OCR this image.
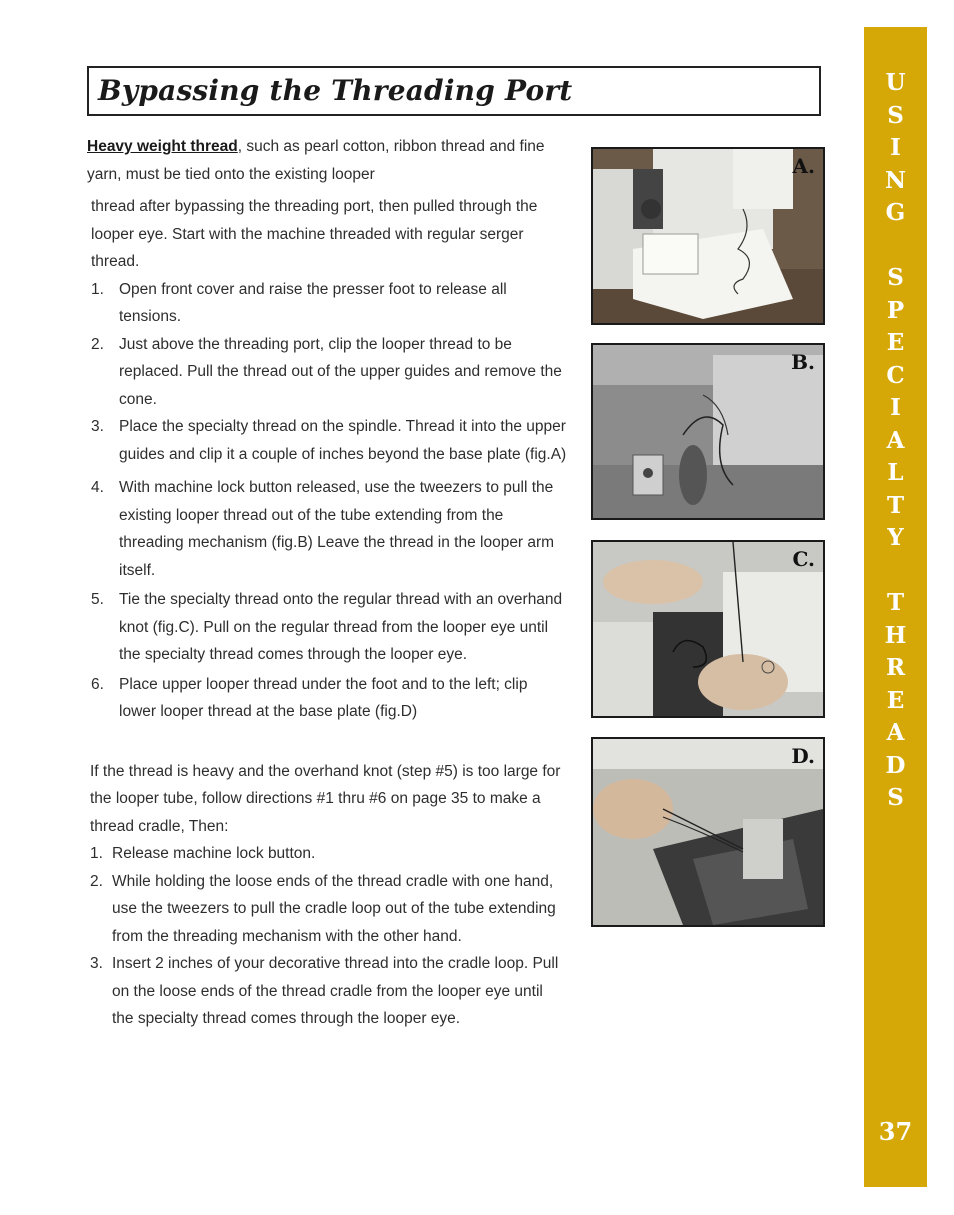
Bypassing the Threading Port

Heavy weight thread, such as pearl cotton, ribbon thread and fine yarn, must be tied onto the existing looper

thread after bypassing the threading port, then pulled through the looper eye. Start with the machine threaded with regular serger thread.

1. Open front cover and raise the presser foot to release all tensions.
2. Just above the threading port, clip the looper thread to be replaced. Pull the thread out of the upper guides and remove the cone.
3. Place the specialty thread on the spindle. Thread it into the upper guides and clip it a couple of inches beyond the base plate (fig.A)
4. With machine lock button released, use the tweezers to pull the existing looper thread out of the tube extending from the threading mechanism (fig.B) Leave the thread in the looper arm itself.
5. Tie the specialty thread onto the regular thread with an overhand knot (fig.C). Pull on the regular thread from the looper eye until the specialty thread comes through the looper eye.
6. Place upper looper thread under the foot and to the left; clip lower looper thread at the base plate (fig.D)

If the thread is heavy and the overhand knot (step #5) is too large for the looper tube, follow directions #1 thru #6 on page 35 to make a thread cradle, Then:

1. Release machine lock button.
2. While holding the loose ends of the thread cradle with one hand, use the tweezers to pull the cradle loop out of the tube extending from the threading mechanism with the other hand.
3. Insert 2 inches of your decorative thread into the cradle loop. Pull on the loose ends of the thread cradle from the looper eye until the specialty thread comes through the looper eye.
A.
B.
C.
D.
U
S
I
N
G
S
P
E
C
I
A
L
T
Y
T
H
R
E
A
D
S
37
